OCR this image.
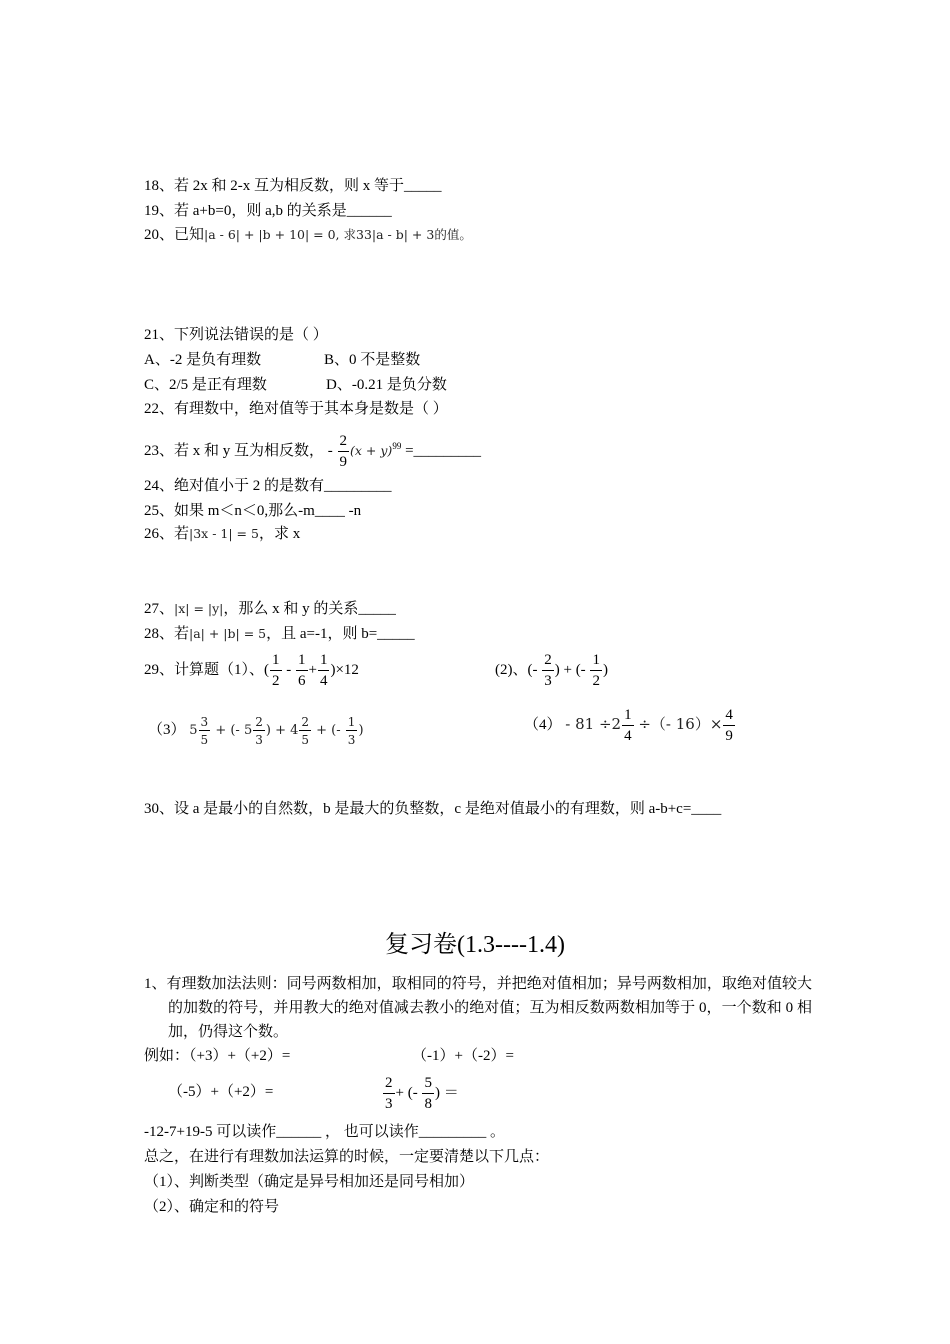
18、若 2x 和 2-x 互为相反数，则 x 等于_____
19、若 a+b=0，则 a,b 的关系是______
20、已知|a - 6| + |b + 10| = 0, 求33|a - b| + 3的值。
21、下列说法错误的是（ ）
A、-2 是负有理数	B、0 不是整数
C、2/5 是正有理数	D、-0.21 是负分数
22、有理数中，绝对值等于其本身是数是（ ）
23、若 x 和 y 互为相反数， - $\frac{2}{9} (x + y)^{99}$ =_________
24、绝对值小于 2 的是数有_________
25、如果 m＜n＜0,那么-m____ -n
26、若|3x - 1| = 5，求 x
27、|x| = |y|，那么 x 和 y 的关系_____
28、若|a| + |b| = 5，且 a=-1，则 b=_____
29、计算题（1）、( $\frac{1}{2} - \frac{1}{6} + \frac{1}{4} )\times 12$	(2)、(- $\frac{2}{3}$ ) + (- $\frac{1}{2}$ )
（3） $5 \frac{3}{5}$ + (- $5 \frac{2}{3}$ ) + $4 \frac{2}{5}$ + (- $\frac{1}{3}$ )	$(4) - 81 \div 2 \frac{1}{4}$ ÷（- $16)\times \frac{4}{9}$
30、设 a 是最小的自然数，b 是最大的负整数，c 是绝对值最小的有理数，则 a-b+c=____
复习卷(1.3----1.4)
1、有理数加法法则：同号两数相加，取相同的符号，并把绝对值相加；异号两数相加，取绝对值较大的加数的符号，并用教大的绝对值减去教小的绝对值；互为相反数两数相加等于 0，一个数和 0 相加，仍得这个数。
例如：（+3）+（+2）=	（-1）+（-2）=
（-5）+（+2）=	$\frac{2}{3}$ + (- $\frac{5}{8}$ ) ＝
-12-7+19-5 可以读作______ ， 也可以读作_________ 。
总之，在进行有理数加法运算的时候，一定要清楚以下几点：
（1）、判断类型（确定是异号相加还是同号相加）
（2）、确定和的符号
